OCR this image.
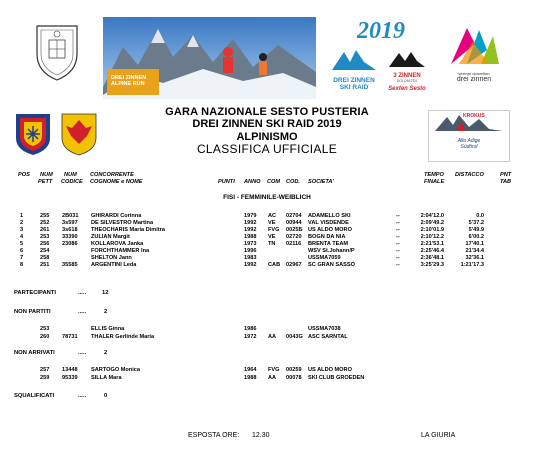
DREI ZINNEN
ALPINE RUN
2019
DREI ZINNEN
SKI RAID
3 ZINNEN
DOLOMITES
Sexten Sesto
sextner dolomiten
drei zinnen
KROKUS
Alto Adige
Südtirol
GARA NAZIONALE SESTO PUSTERIA
DREI ZINNEN SKI RAID 2019
ALPINISMO
CLASSIFICA UFFICIALE
POS NUM
PETT
NUM
CODICE
CONCORRENTE
COGNOME e NOME	PUNTI ANNO COM COD. SOCIETA'
TEMPO
FINALE
DISTACCO	PNT
TAB
FISI - FEMMINILE-WEIBLICH
1	255 2B031 GHIRARDI Corinna	1979 AC 02704 ADAMELLO SKI	--	2:04'12.0	0.0
2	252 3s597 DE SILVESTRO Martina	1992 VE 00944 VAL VISDENDE	--	2:09'49.2	5'37.2
3	261 3s618 THEOCHARIS Maria Dimitra	1992 FVG 0025Б US ALDO MORO	--	2:10'01.9	5'49.9
4	253 33390 ZULIAN Margit	1988 VE 02720 BOGN DA NIA	--	2:10'12.2	6'00.2
5	256 23086 KOLLAROVA Janka	1973 TN 02116 BRENTA TEAM	--	2:21'53.1	17'40.1
6	254	FORCHTHAMMER Ina	1996	WSV St.Johann/P	--	2:25'46.4	21'34.4
7	258	SHELTON Jann	1983	USSMA7059	--	2:36'48.1	32'36.1
8	251 35585 ARGENTINI Leda	1992 CAB 02967 SC GRAN SASSO	--	3:25'29.3	1:21'17.3
PARTECIPANTI	.....	12
NON PARTITI	.....	2
253	ELLIS Ginna	1986	USSMA7038
260 78731 THALER Gerlinde Maria	1972 AA 0043G ASC SARNTAL
NON ARRIVATI	.....	2
257 13448 SARTOGO Monica	1964 FVG 00259 US ALDO MORO
259 95339 SILLA Mara	1988 AA 00078 SKI CLUB GROEDEN
SQUALIFICATI	.....	0
ESPOSTA ORE: 12.30	LA GIURIA
